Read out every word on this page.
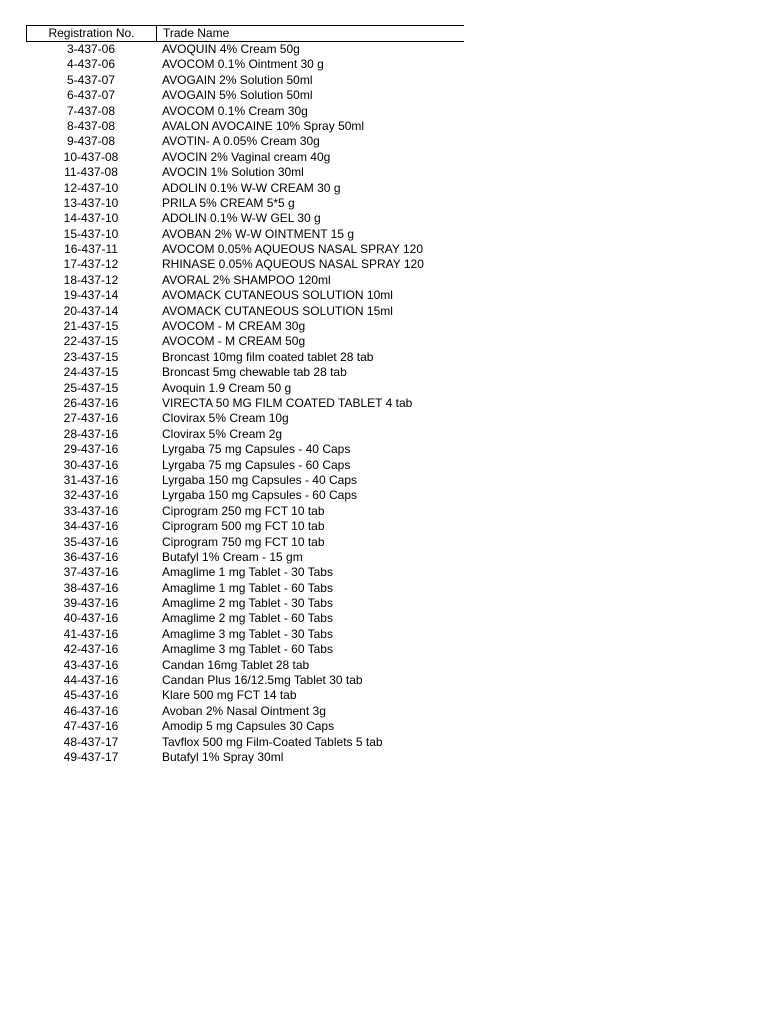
Registration No.	Trade Name
3-437-06	AVOQUIN 4% Cream 50g
4-437-06	AVOCOM 0.1% Ointment 30 g
5-437-07	AVOGAIN 2% Solution 50ml
6-437-07	AVOGAIN 5% Solution 50ml
7-437-08	AVOCOM 0.1% Cream 30g
8-437-08	AVALON AVOCAINE 10% Spray 50ml
9-437-08	AVOTIN- A 0.05% Cream 30g
10-437-08	AVOCIN 2% Vaginal cream 40g
11-437-08	AVOCIN 1% Solution 30ml
12-437-10	ADOLIN 0.1% W-W CREAM 30 g
13-437-10	PRILA 5% CREAM 5*5 g
14-437-10	ADOLIN 0.1% W-W GEL 30 g
15-437-10	AVOBAN 2% W-W OINTMENT 15 g
16-437-11	AVOCOM 0.05% AQUEOUS NASAL SPRAY 120
17-437-12	RHINASE 0.05% AQUEOUS NASAL SPRAY 120
18-437-12	AVORAL 2% SHAMPOO 120ml
19-437-14	AVOMACK CUTANEOUS SOLUTION 10ml
20-437-14	AVOMACK CUTANEOUS SOLUTION 15ml
21-437-15	AVOCOM - M CREAM 30g
22-437-15	AVOCOM - M CREAM 50g
23-437-15	Broncast 10mg film coated tablet 28 tab
24-437-15	Broncast 5mg chewable tab 28 tab
25-437-15	Avoquin 1.9 Cream 50 g
26-437-16	VIRECTA 50 MG FILM COATED TABLET 4 tab
27-437-16	Clovirax 5% Cream 10g
28-437-16	Clovirax 5% Cream 2g
29-437-16	Lyrgaba 75 mg Capsules - 40 Caps
30-437-16	Lyrgaba 75 mg Capsules - 60 Caps
31-437-16	Lyrgaba 150 mg Capsules - 40 Caps
32-437-16	Lyrgaba 150 mg Capsules - 60 Caps
33-437-16	Ciprogram 250 mg FCT 10 tab
34-437-16	Ciprogram 500 mg FCT 10 tab
35-437-16	Ciprogram 750 mg FCT 10 tab
36-437-16	Butafyl 1% Cream - 15 gm
37-437-16	Amaglime 1 mg Tablet - 30 Tabs
38-437-16	Amaglime 1 mg Tablet - 60 Tabs
39-437-16	Amaglime 2 mg Tablet - 30 Tabs
40-437-16	Amaglime 2 mg Tablet - 60 Tabs
41-437-16	Amaglime 3 mg Tablet - 30 Tabs
42-437-16	Amaglime 3 mg Tablet - 60 Tabs
43-437-16	Candan 16mg Tablet 28 tab
44-437-16	Candan Plus 16/12.5mg Tablet 30 tab
45-437-16	Klare 500 mg FCT 14 tab
46-437-16	Avoban 2% Nasal Ointment 3g
47-437-16	Amodip 5 mg Capsules 30 Caps
48-437-17	Tavflox 500 mg Film-Coated Tablets 5 tab
49-437-17	Butafyl 1% Spray 30ml
